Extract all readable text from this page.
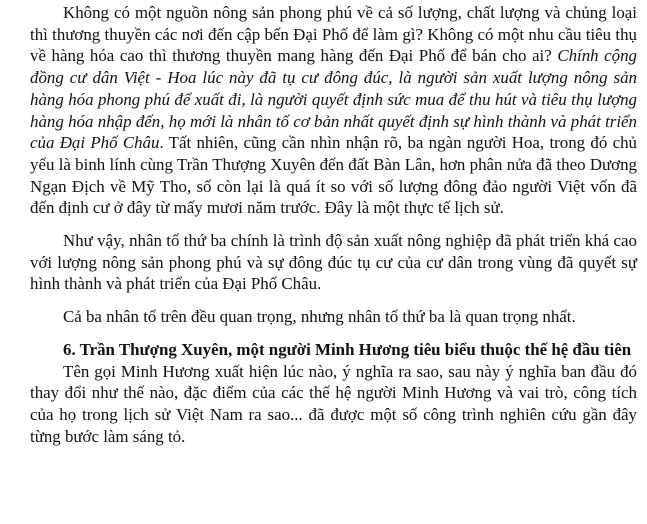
Không có một nguồn nông sản phong phú về cả số lượng, chất lượng và chủng loại thì thương thuyền các nơi đến cập bến Đại Phố để làm gì? Không có một nhu cầu tiêu thụ về hàng hóa cao thì thương thuyền mang hàng đến Đại Phố để bán cho ai? Chính cộng đồng cư dân Việt - Hoa lúc này đã tụ cư đông đúc, là người sản xuất lượng nông sản hàng hóa phong phú để xuất đi, là người quyết định sức mua để thu hút và tiêu thụ lượng hàng hóa nhập đến, họ mới là nhân tố cơ bản nhất quyết định sự hình thành và phát triển của Đại Phố Châu. Tất nhiên, cũng cần nhìn nhận rõ, ba ngàn người Hoa, trong đó chủ yếu là binh lính cùng Trần Thượng Xuyên đến đất Bàn Lân, hơn phân nửa đã theo Dương Ngạn Địch về Mỹ Tho, số còn lại là quá ít so với số lượng đông đảo người Việt vốn đã đến định cư ở đây từ mấy mươi năm trước. Đây là một thực tế lịch sử.

Như vậy, nhân tố thứ ba chính là trình độ sản xuất nông nghiệp đã phát triển khá cao với lượng nông sản phong phú và sự đông đúc tụ cư của cư dân trong vùng đã quyết sự hình thành và phát triển của Đại Phố Châu.

Cả ba nhân tố trên đều quan trọng, nhưng nhân tố thứ ba là quan trọng nhất.

6. Trần Thượng Xuyên, một người Minh Hương tiêu biểu thuộc thế hệ đầu tiên

Tên gọi Minh Hương xuất hiện lúc nào, ý nghĩa ra sao, sau này ý nghĩa ban đầu đó thay đổi như thế nào, đặc điểm của các thế hệ người Minh Hương và vai trò, công tích của họ trong lịch sử Việt Nam ra sao... đã được một số công trình nghiên cứu gần đây từng bước làm sáng tỏ.
